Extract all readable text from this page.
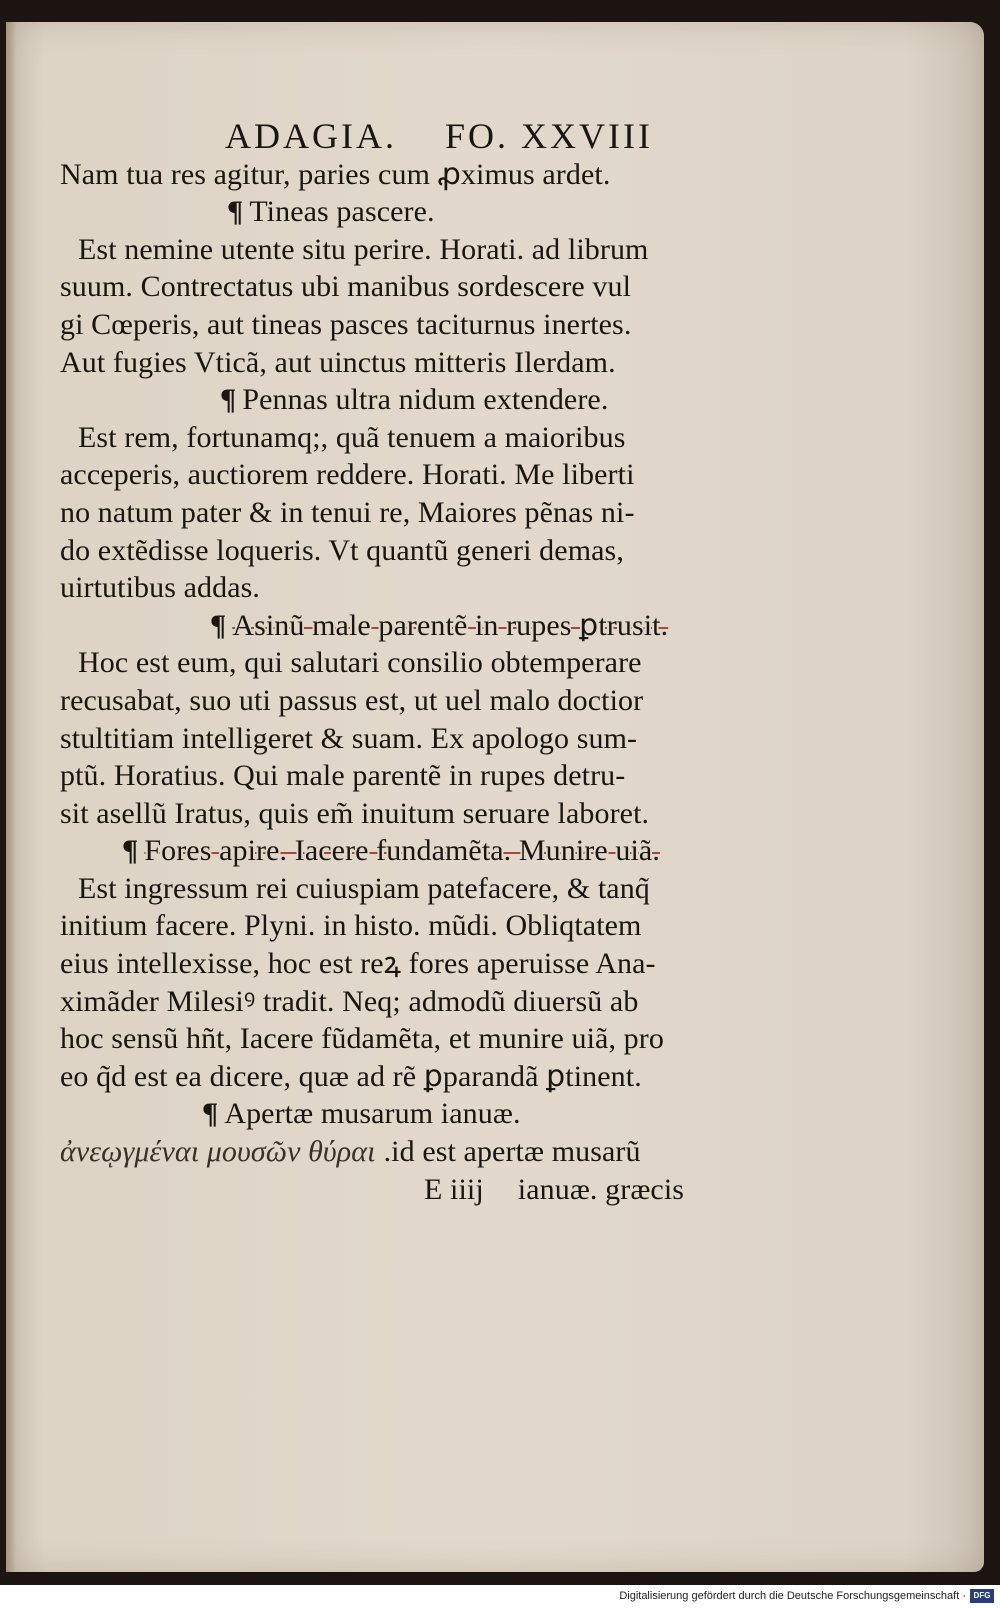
ADAGIA. FO. XXVIII
Nam tua res agitur, paries cum ꝓximus ardet.
¶ Tineas pascere.
Est nemine utente situ perire. Horati. ad librum
suum. Contrectatus ubi manibus sordescere vul
gi Cœperis, aut tineas pasces taciturnus inertes.
Aut fugies Vticã, aut uinctus mitteris Ilerdam.
¶ Pennas ultra nidum extendere.
Est rem, fortunamq;, quã tenuem a maioribus
acceperis, auctiorem reddere. Horati. Me liberti
no natum pater & in tenui re, Maiores pẽnas ni-
do extẽdisse loqueris. Vt quantũ generi demas,
uirtutibus addas.
¶ Asinũ male parentẽ in rupes ꝑtrusit.
Hoc est eum, qui salutari consilio obtemperare
recusabat, suo uti passus est, ut uel malo doctior
stultitiam intelligeret & suam. Ex apologo sum-
ptũ. Horatius. Qui male parentẽ in rupes detru-
sit asellũ Iratus, quis em̃ inuitum seruare laboret.
¶ Fores apire. Iacere fundamẽta. Munire uiã.
Est ingressum rei cuiuspiam patefacere, & tanq̃
initium facere. Plyni. in histo. mũdi. Obliqtatem
eius intellexisse, hoc est reꝝ fores aperuisse Ana-
ximãder Milesiꝰ tradit. Neq; admodũ diuersũ ab
hoc sensũ hñt, Iacere fũdamẽta, et munire uiã, pro
eo q̃d est ea dicere, quæ ad rẽ ꝑparandã ꝑtinent.
¶ Apertæ musarum ianuæ.
ἀνεῳγμέναι μουσῶν θύραι .id est apertæ musarũ
E iiij ianuæ. græcis
Digitalisierung gefördert durch die Deutsche Forschungsgemeinschaft · DFG
